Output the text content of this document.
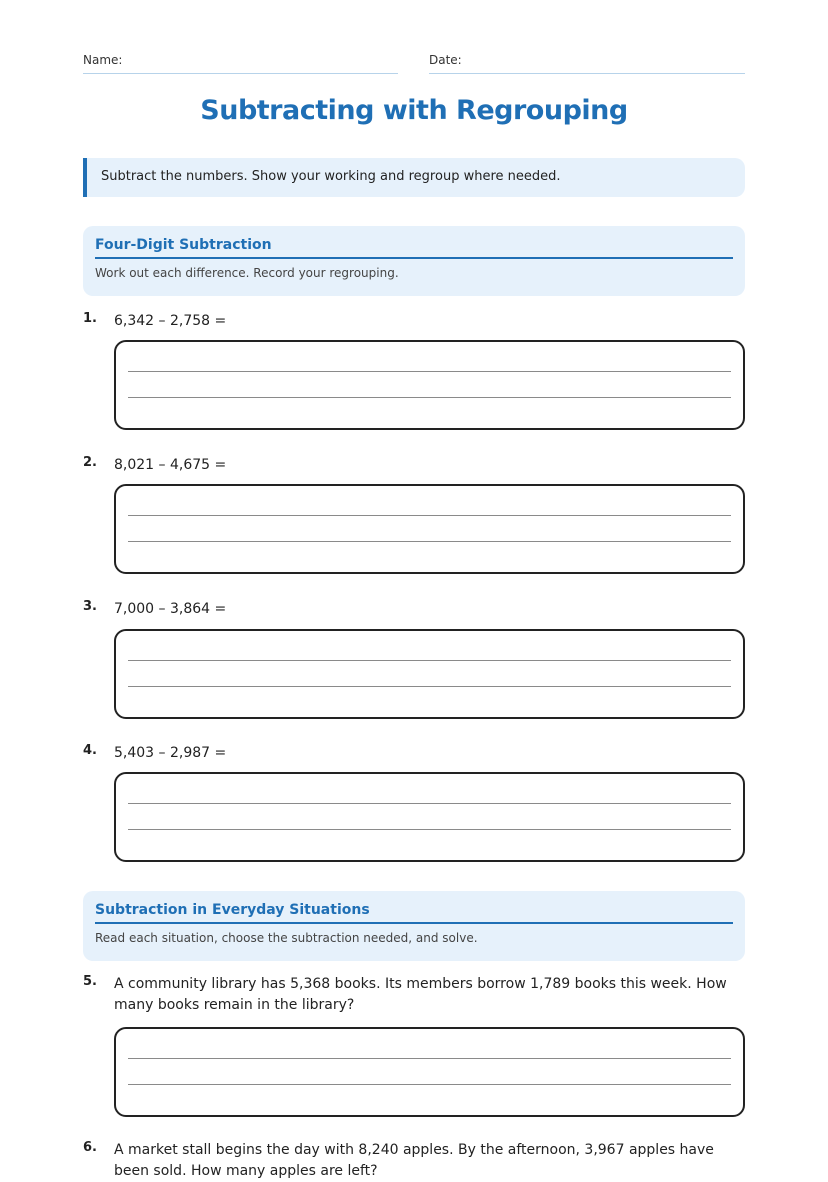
Name:	Date:
Subtracting with Regrouping
Subtract the numbers. Show your working and regroup where needed.
Four-Digit Subtraction
Work out each difference. Record your regrouping.
1. 6,342 – 2,758 =
2. 8,021 – 4,675 =
3. 7,000 – 3,864 =
4. 5,403 – 2,987 =
Subtraction in Everyday Situations
Read each situation, choose the subtraction needed, and solve.
5. A community library has 5,368 books. Its members borrow 1,789 books this week. How many books remain in the library?
6. A market stall begins the day with 8,240 apples. By the afternoon, 3,967 apples have been sold. How many apples are left?
